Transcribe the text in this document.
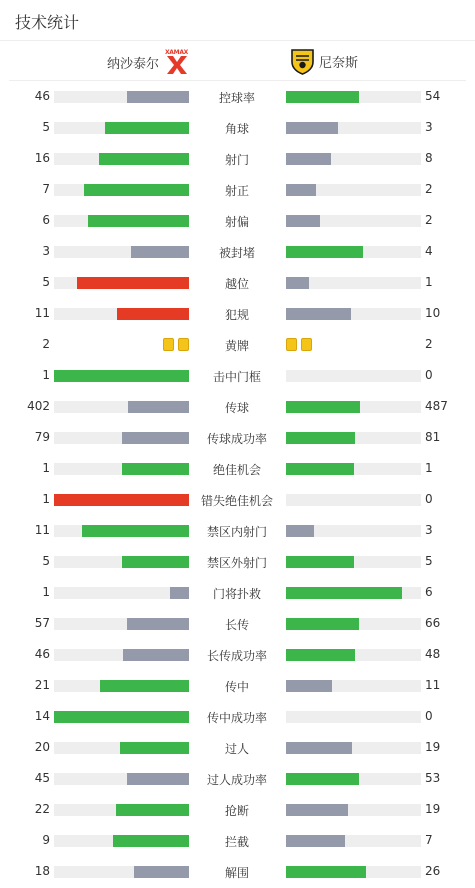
技术统计
纳沙泰尔
XAMAX
尼奈斯
46	控球率	54
5	角球	3
16	射门	8
7	射正	2
6	射偏	2
3	被封堵	4
5	越位	1
11	犯规	10
2	黄牌	2
1	击中门框	0
402	传球	487
79	传球成功率	81
1	绝佳机会	1
1	错失绝佳机会	0
11	禁区内射门	3
5	禁区外射门	5
1	门将扑救	6
57	长传	66
46	长传成功率	48
21	传中	11
14	传中成功率	0
20	过人	19
45	过人成功率	53
22	抢断	19
9	拦截	7
18	解围	26
